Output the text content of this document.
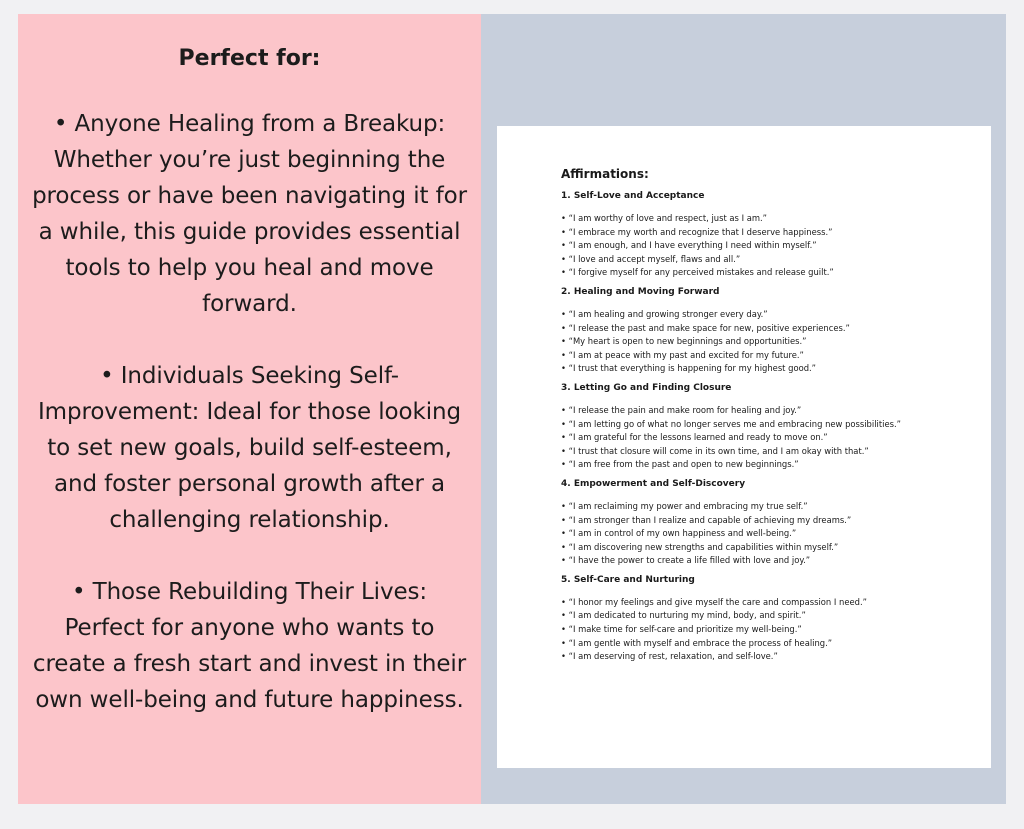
Perfect for:

• Anyone Healing from a Breakup: Whether you’re just beginning the process or have been navigating it for a while, this guide provides essential tools to help you heal and move forward.

• Individuals Seeking Self-Improvement: Ideal for those looking to set new goals, build self-esteem, and foster personal growth after a challenging relationship.

• Those Rebuilding Their Lives: Perfect for anyone who wants to create a fresh start and invest in their own well-being and future happiness.

Affirmations:
1. Self-Love and Acceptance
• “I am worthy of love and respect, just as I am.”
• “I embrace my worth and recognize that I deserve happiness.”
• “I am enough, and I have everything I need within myself.”
• “I love and accept myself, flaws and all.”
• “I forgive myself for any perceived mistakes and release guilt.”
2. Healing and Moving Forward
• “I am healing and growing stronger every day.”
• “I release the past and make space for new, positive experiences.”
• “My heart is open to new beginnings and opportunities.”
• “I am at peace with my past and excited for my future.”
• “I trust that everything is happening for my highest good.”
3. Letting Go and Finding Closure
• “I release the pain and make room for healing and joy.”
• “I am letting go of what no longer serves me and embracing new possibilities.”
• “I am grateful for the lessons learned and ready to move on.”
• “I trust that closure will come in its own time, and I am okay with that.”
• “I am free from the past and open to new beginnings.”
4. Empowerment and Self-Discovery
• “I am reclaiming my power and embracing my true self.”
• “I am stronger than I realize and capable of achieving my dreams.”
• “I am in control of my own happiness and well-being.”
• “I am discovering new strengths and capabilities within myself.”
• “I have the power to create a life filled with love and joy.”
5. Self-Care and Nurturing
• “I honor my feelings and give myself the care and compassion I need.”
• “I am dedicated to nurturing my mind, body, and spirit.”
• “I make time for self-care and prioritize my well-being.”
• “I am gentle with myself and embrace the process of healing.”
• “I am deserving of rest, relaxation, and self-love.”
